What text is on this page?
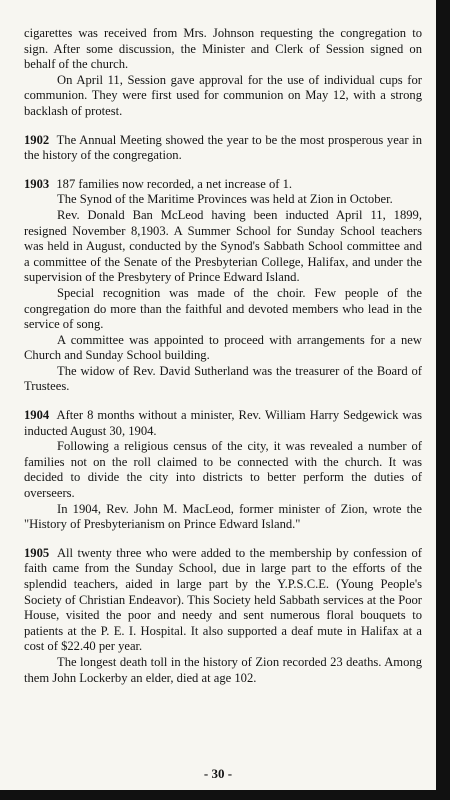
cigarettes was received from Mrs. Johnson requesting the congregation to sign. After some discussion, the Minister and Clerk of Session signed on behalf of the church.

On April 11, Session gave approval for the use of individual cups for communion. They were first used for communion on May 12, with a strong backlash of protest.

1902 The Annual Meeting showed the year to be the most prosperous year in the history of the congregation.

1903 187 families now recorded, a net increase of 1.

The Synod of the Maritime Provinces was held at Zion in October.

Rev. Donald Ban McLeod having been inducted April 11, 1899, resigned November 8,1903. A Summer School for Sunday School teachers was held in August, conducted by the Synod's Sabbath School committee and a committee of the Senate of the Presbyterian College, Halifax, and under the supervision of the Presbytery of Prince Edward Island.

Special recognition was made of the choir. Few people of the congregation do more than the faithful and devoted members who lead in the service of song.

A committee was appointed to proceed with arrangements for a new Church and Sunday School building.

The widow of Rev. David Sutherland was the treasurer of the Board of Trustees.

1904 After 8 months without a minister, Rev. William Harry Sedgewick was inducted August 30, 1904.

Following a religious census of the city, it was revealed a number of families not on the roll claimed to be connected with the church. It was decided to divide the city into districts to better perform the duties of overseers.

In 1904, Rev. John M. MacLeod, former minister of Zion, wrote the "History of Presbyterianism on Prince Edward Island."

1905 All twenty three who were added to the membership by confession of faith came from the Sunday School, due in large part to the efforts of the splendid teachers, aided in large part by the Y.P.S.C.E. (Young People's Society of Christian Endeavor). This Society held Sabbath services at the Poor House, visited the poor and needy and sent numerous floral bouquets to patients at the P. E. I. Hospital. It also supported a deaf mute in Halifax at a cost of $22.40 per year.

The longest death toll in the history of Zion recorded 23 deaths. Among them John Lockerby an elder, died at age 102.

- 30 -
